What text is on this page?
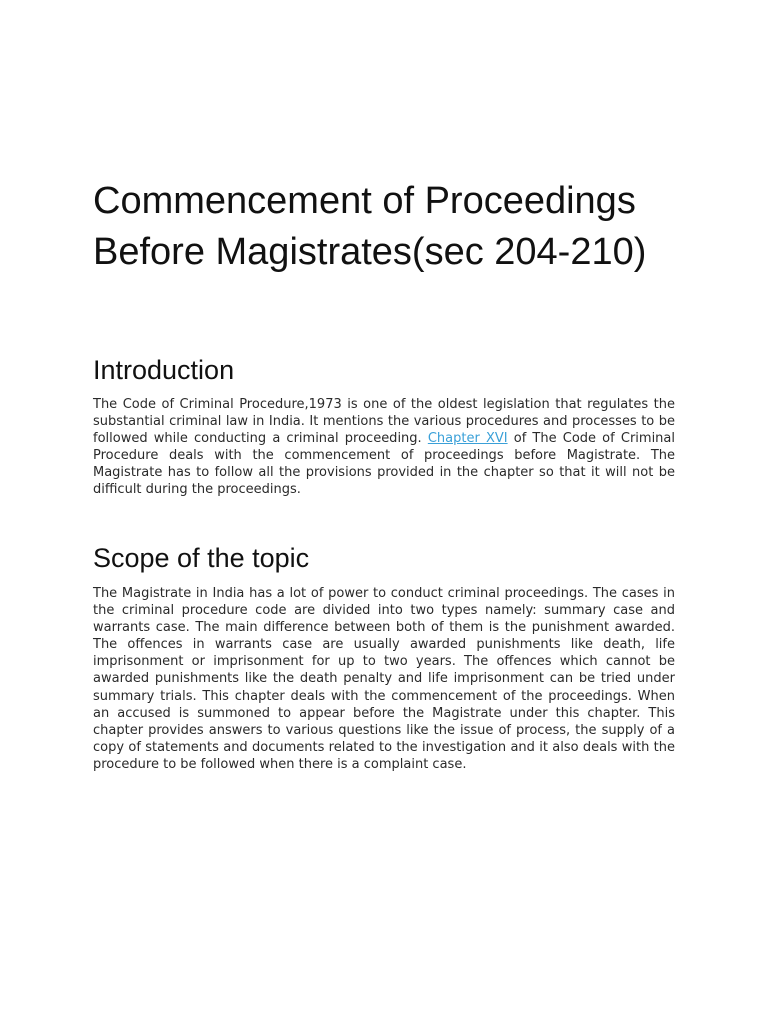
Commencement of Proceedings Before Magistrates(sec 204-210)
Introduction

The Code of Criminal Procedure,1973 is one of the oldest legislation that regulates the substantial criminal law in India. It mentions the various procedures and processes to be followed while conducting a criminal proceeding. Chapter XVI of The Code of Criminal Procedure deals with the commencement of proceedings before Magistrate. The Magistrate has to follow all the provisions provided in the chapter so that it will not be difficult during the proceedings.

Scope of the topic

The Magistrate in India has a lot of power to conduct criminal proceedings. The cases in the criminal procedure code are divided into two types namely: summary case and warrants case. The main difference between both of them is the punishment awarded. The offences in warrants case are usually awarded punishments like death, life imprisonment or imprisonment for up to two years. The offences which cannot be awarded punishments like the death penalty and life imprisonment can be tried under summary trials. This chapter deals with the commencement of the proceedings. When an accused is summoned to appear before the Magistrate under this chapter. This chapter provides answers to various questions like the issue of process, the supply of a copy of statements and documents related to the investigation and it also deals with the procedure to be followed when there is a complaint case.
